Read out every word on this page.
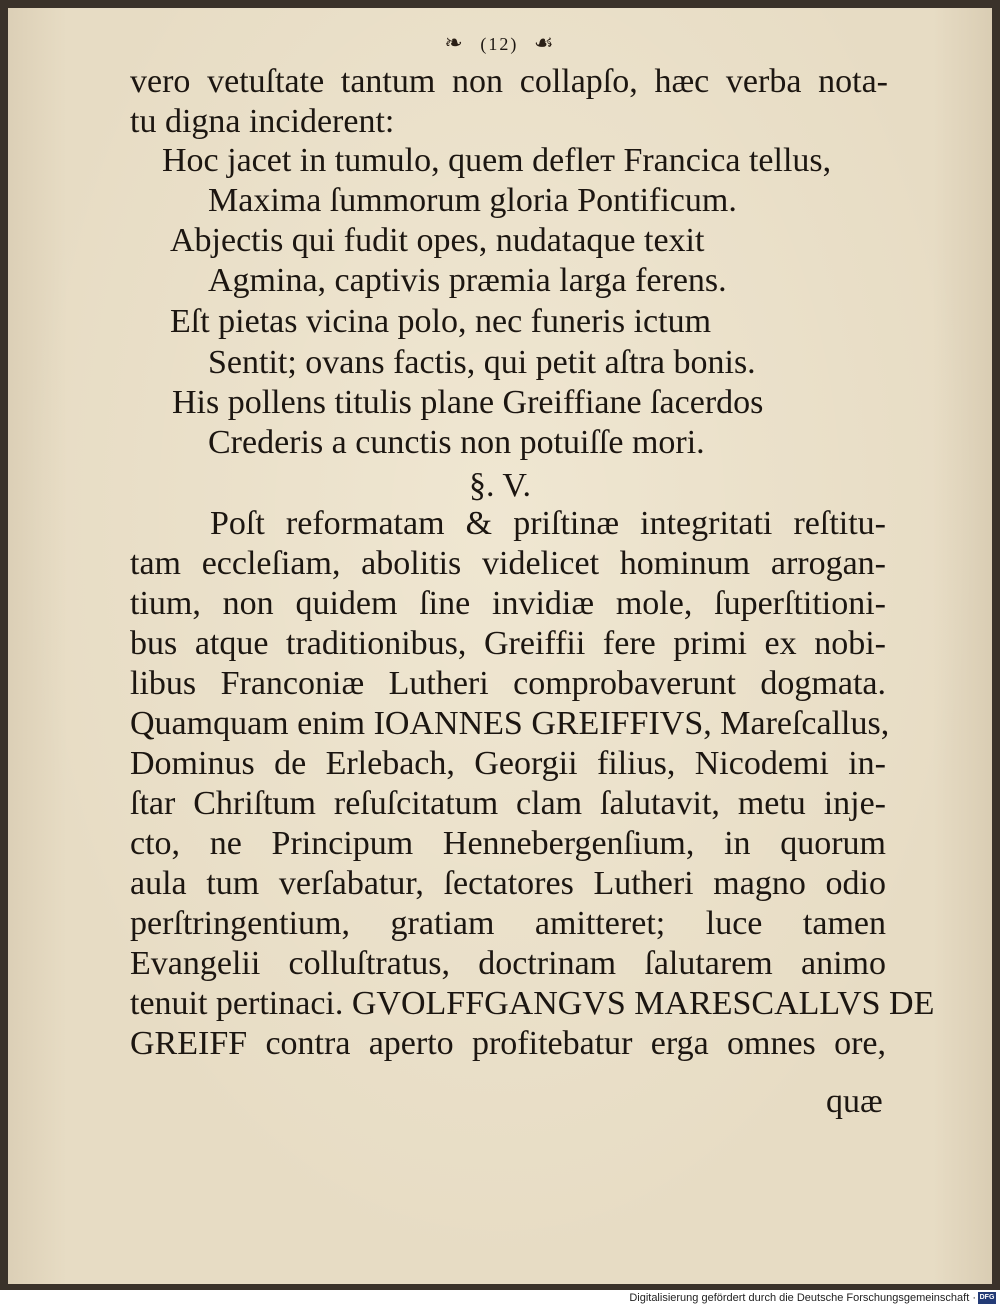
❧ (12) ☙
vero vetuſtate tantum non collapſo, hæc verba nota-
tu digna inciderent:
Hoc jacet in tumulo, quem defleт Francica tellus,
Maxima ſummorum gloria Pontificum.
Abjectis qui fudit opes, nudataque texit
Agmina, captivis præmia larga ferens.
Eſt pietas vicina polo, nec funeris ictum
Sentit; ovans factis, qui petit aſtra bonis.
His pollens titulis plane Greiffiane ſacerdos
Crederis a cunctis non potuiſſe mori.
§. V.
Poſt reformatam & priſtinæ integritati reſtitu-
tam eccleſiam, abolitis videlicet hominum arrogan-
tium, non quidem ſine invidiæ mole, ſuperſtitioni-
bus atque traditionibus, Greiffii fere primi ex nobi-
libus Franconiæ Lutheri comprobaverunt dogmata.
Quamquam enim IOANNES GREIFFIVS, Mareſcallus,
Dominus de Erlebach, Georgii filius, Nicodemi in-
ſtar Chriſtum reſuſcitatum clam ſalutavit, metu inje-
cto, ne Principum Hennebergenſium, in quorum
aula tum verſabatur, ſectatores Lutheri magno odio
perſtringentium, gratiam amitteret; luce tamen
Evangelii colluſtratus, doctrinam ſalutarem animo
tenuit pertinaci. GVOLFFGANGVS MARESCALLVS DE
GREIFF contra aperto profitebatur erga omnes ore,
quæ
Digitalisierung gefördert durch die Deutsche Forschungsgemeinschaft · DFG
